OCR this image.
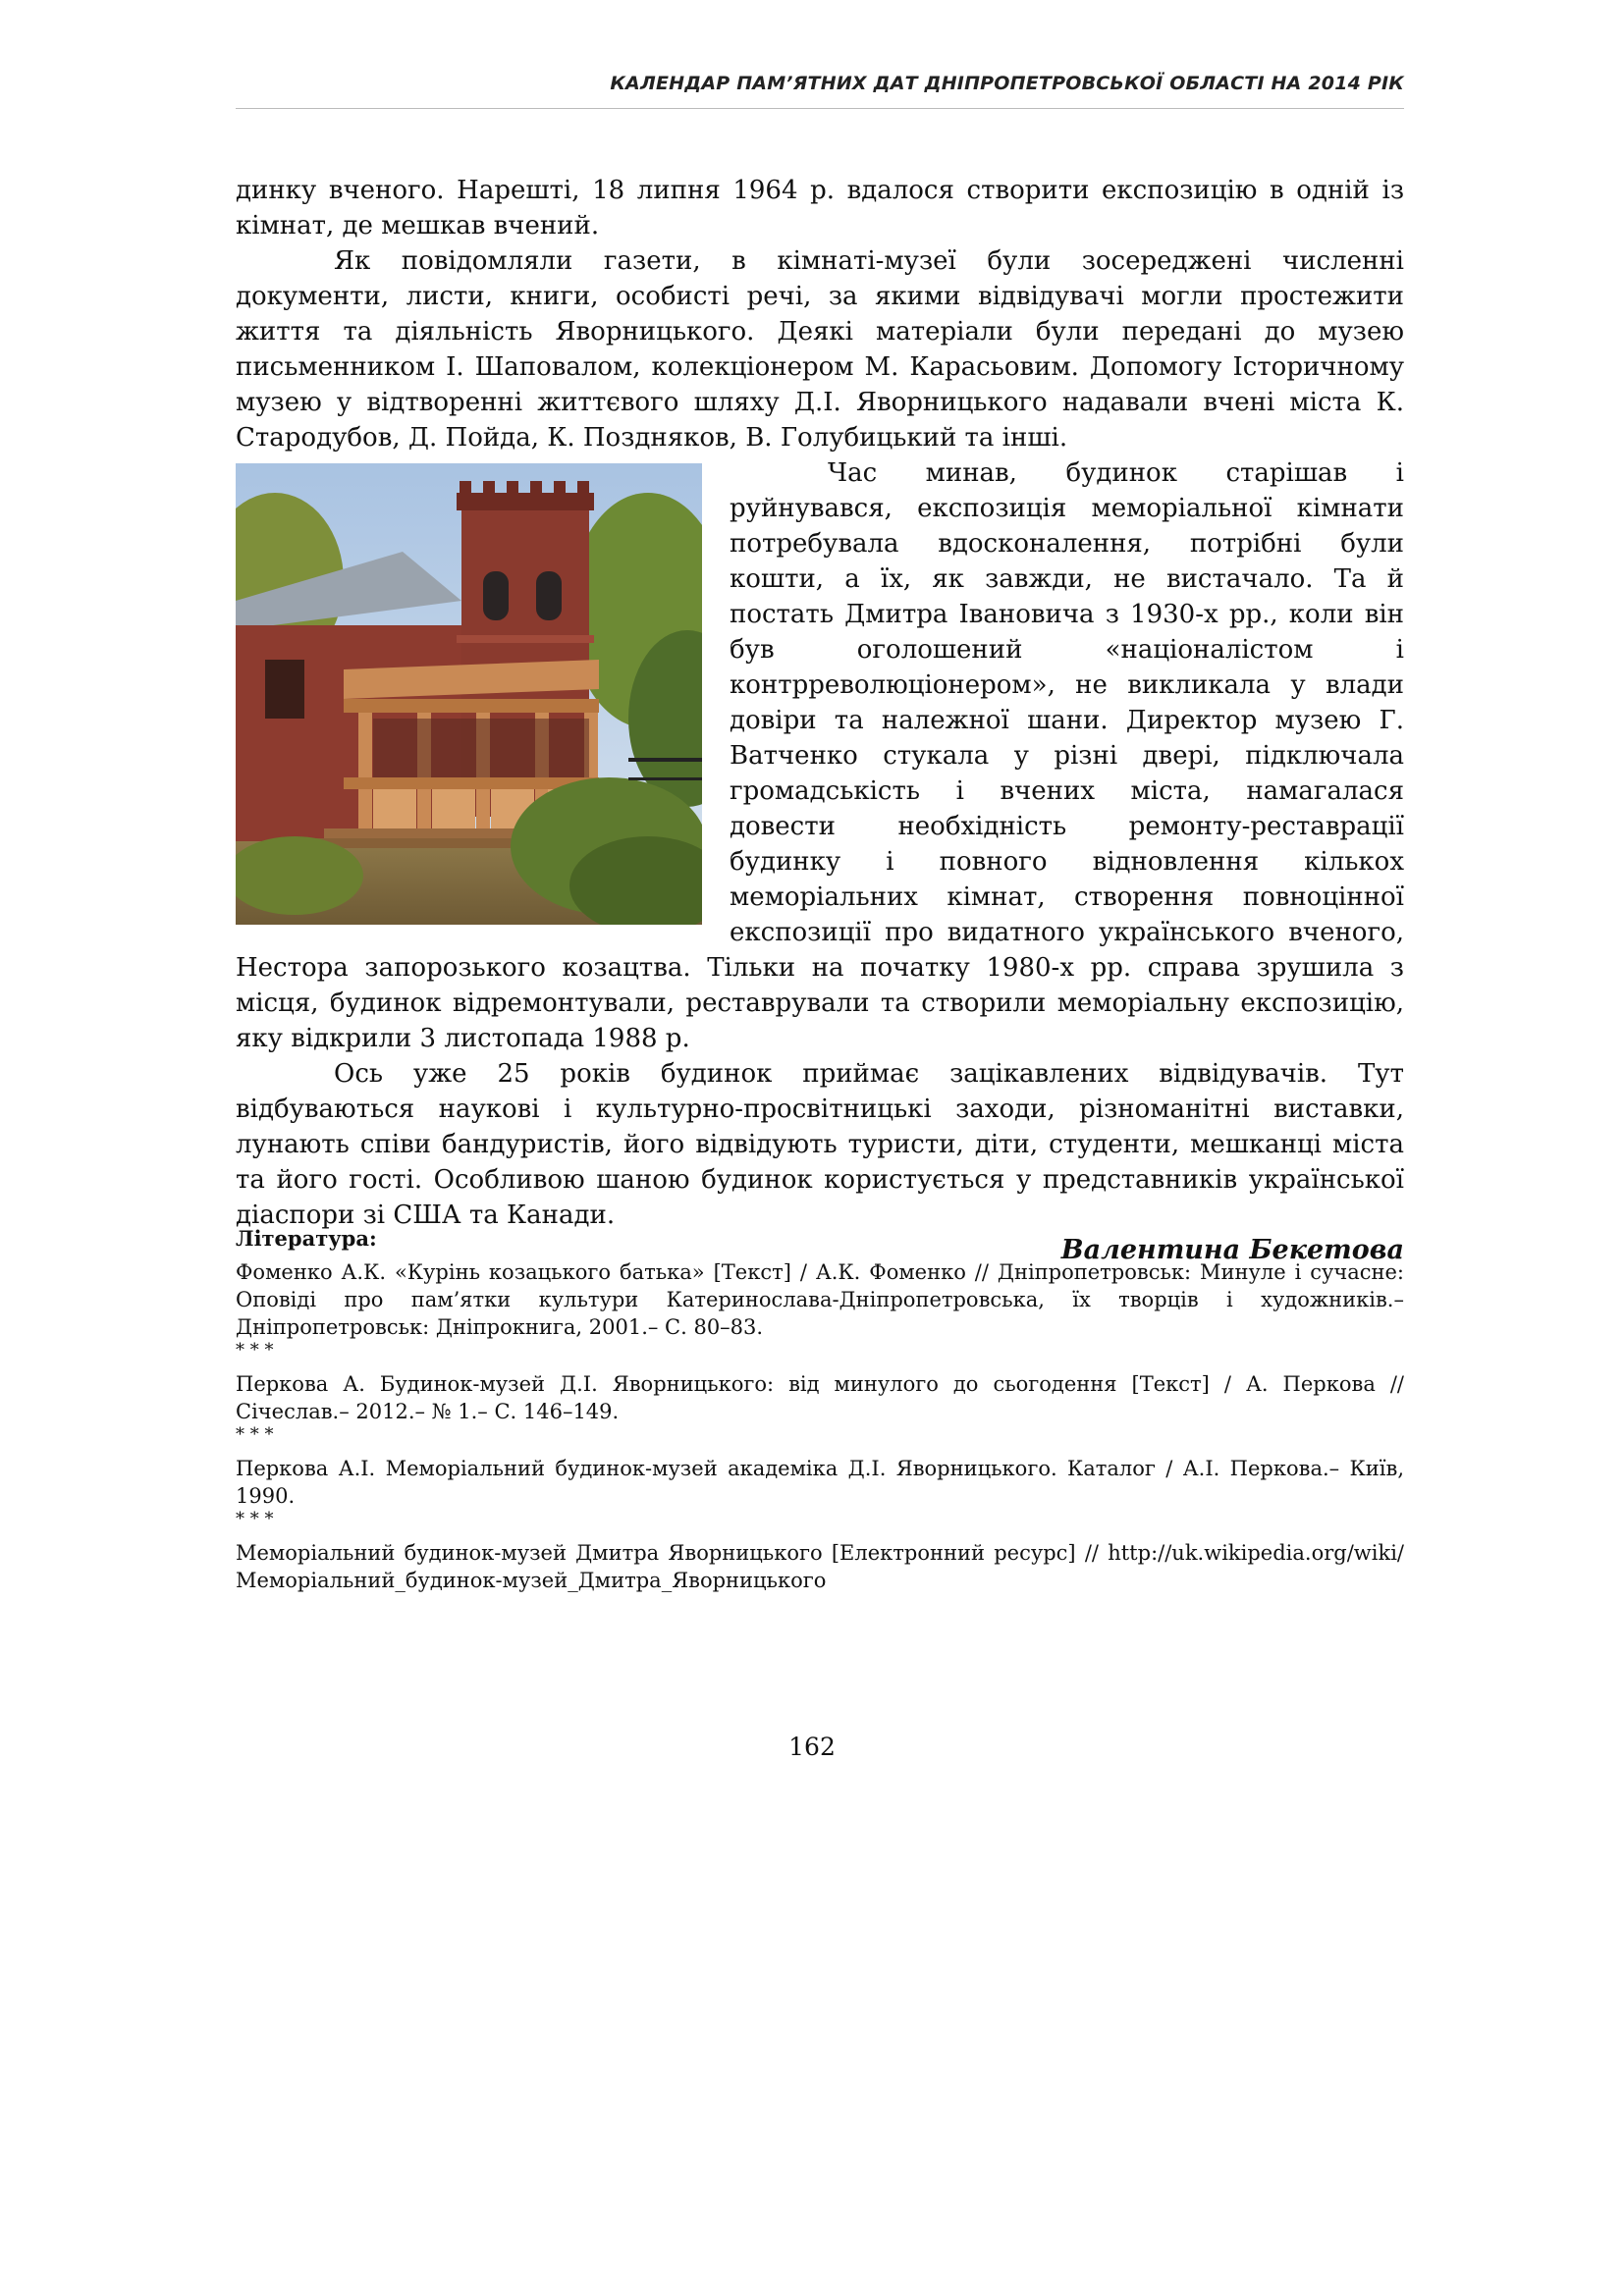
КАЛЕНДАР ПАМ’ЯТНИХ ДАТ ДНІПРОПЕТРОВСЬКОЇ ОБЛАСТІ НА 2014 РІК

динку вченого. Нарешті, 18 липня 1964 р. вдалося створити експозицію в одній із кімнат, де мешкав вчений.

Як повідомляли газети, в кімнаті-музеї були зосереджені численні документи, листи, книги, особисті речі, за якими відвідувачі могли простежити життя та діяльність Яворницького. Деякі матеріали були передані до музею письменником І. Шаповалом, колекціонером М. Карасьовим. Допомогу Історичному музею у відтворенні життєвого шляху Д.І. Яворницького надавали вчені міста К. Стародубов, Д. Пойда, К. Поздняков, В. Голубицький та інші.

Час минав, будинок старішав і руйнувався, експозиція меморіальної кімнати потребувала вдосконалення, потрібні були кошти, а їх, як завжди, не вистачало. Та й постать Дмитра Івановича з 1930-х рр., коли він був оголошений «націоналістом і контрреволюціонером», не викликала у влади довіри та належної шани. Директор музею Г. Ватченко стукала у різні двері, підключала громадськість і вчених міста, намагалася довести необхідність ремонту-реставрації будинку і повного відновлення кількох меморіальних кімнат, створення повноцінної експозиції про видатного українського вченого, Нестора запорозького козацтва. Тільки на початку 1980-х рр. справа зрушила з місця, будинок відремонтували, реставрували та створили меморіальну експозицію, яку відкрили 3 листопада 1988 р.

Ось уже 25 років будинок приймає зацікавлених відвідувачів. Тут відбуваються наукові і культурно-просвітницькі заходи, різноманітні виставки, лунають співи бандуристів, його відвідують туристи, діти, студенти, мешканці міста та його гості. Особливою шаною будинок користується у представників української діаспори зі США та Канади.

Валентина Бекетова

Література:

Фоменко А.К. «Курінь козацького батька» [Текст] / А.К. Фоменко // Дніпропетровськ: Минуле і сучасне: Оповіді про пам’ятки культури Катеринослава-Дніпропетровська, їх творців і художників.– Дніпропетровськ: Дніпрокнига, 2001.– С. 80–83.

* * *

Перкова А. Будинок-музей Д.І. Яворницького: від минулого до сьогодення [Текст] / А. Перкова // Січеслав.– 2012.– № 1.– С. 146–149.

* * *

Перкова А.І. Меморіальний будинок-музей академіка Д.І. Яворницького. Каталог / А.І. Перкова.– Київ, 1990.

* * *

Меморіальний будинок-музей Дмитра Яворницького [Електронний ресурс] // http://uk.wikipedia.org/wiki/Меморіальний_будинок-музей_Дмитра_Яворницького

162
